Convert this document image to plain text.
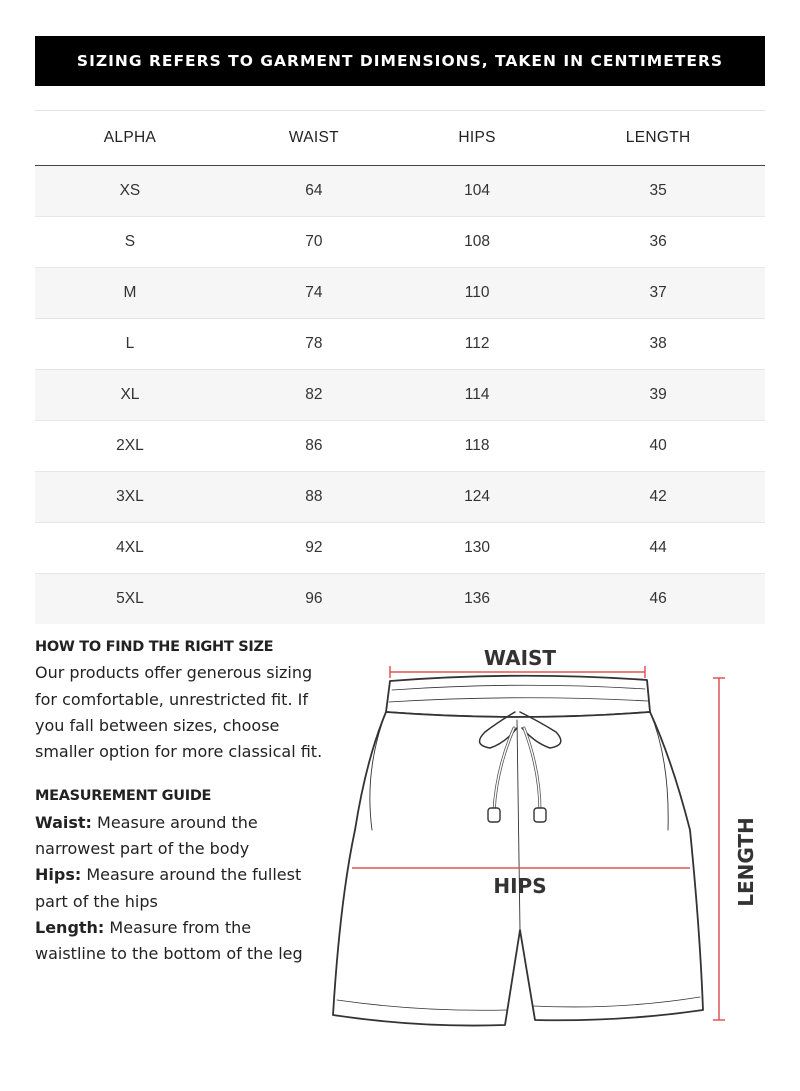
SIZING REFERS TO GARMENT DIMENSIONS, TAKEN IN CENTIMETERS
ALPHA	WAIST	HIPS	LENGTH
XS	64	104	35
S	70	108	36
M	74	110	37
L	78	112	38
XL	82	114	39
2XL	86	118	40
3XL	88	124	42
4XL	92	130	44
5XL	96	136	46

HOW TO FIND THE RIGHT SIZE

Our products offer generous sizing for comfortable, unrestricted fit. If you fall between sizes, choose smaller option for more classical fit.

MEASUREMENT GUIDE

Waist: Measure around the narrowest part of the body

Hips: Measure around the fullest part of the hips

Length: Measure from the waistline to the bottom of the leg

WAIST
HIPS	LENGTH
